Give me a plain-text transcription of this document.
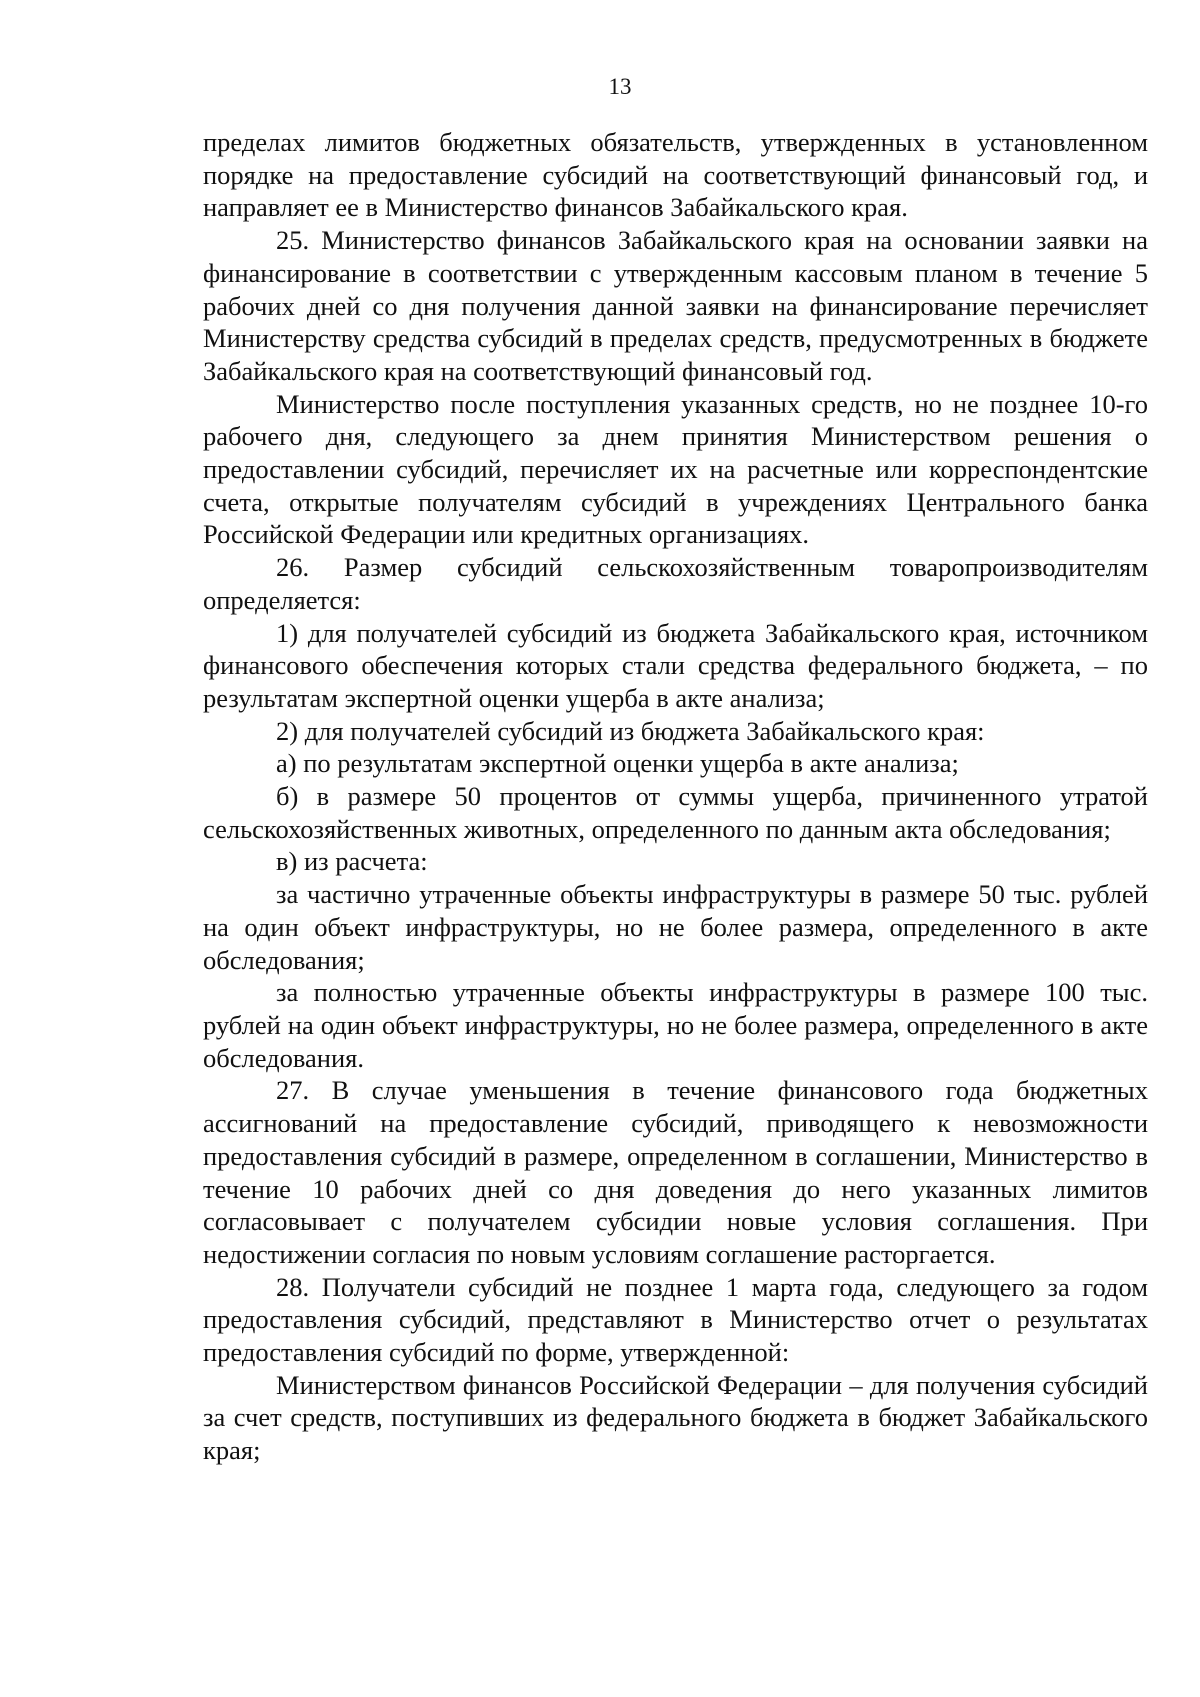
13

пределах лимитов бюджетных обязательств, утвержденных в установленном порядке на предоставление субсидий на соответствующий финансовый год, и направляет ее в Министерство финансов Забайкальского края.

25. Министерство финансов Забайкальского края на основании заявки на финансирование в соответствии с утвержденным кассовым планом в течение 5 рабочих дней со дня получения данной заявки на финансирование перечисляет Министерству средства субсидий в пределах средств, предусмотренных в бюджете Забайкальского края на соответствующий финансовый год.

Министерство после поступления указанных средств, но не позднее 10-го рабочего дня, следующего за днем принятия Министерством решения о предоставлении субсидий, перечисляет их на расчетные или корреспондентские счета, открытые получателям субсидий в учреждениях Центрального банка Российской Федерации или кредитных организациях.

26. Размер субсидий сельскохозяйственным товаропроизводителям определяется:

1) для получателей субсидий из бюджета Забайкальского края, источником финансового обеспечения которых стали средства федерального бюджета, – по результатам экспертной оценки ущерба в акте анализа;

2) для получателей субсидий из бюджета Забайкальского края:

а) по результатам экспертной оценки ущерба в акте анализа;

б) в размере 50 процентов от суммы ущерба, причиненного утратой сельскохозяйственных животных, определенного по данным акта обследования;

в) из расчета:

за частично утраченные объекты инфраструктуры в размере 50 тыс. рублей на один объект инфраструктуры, но не более размера, определенного в акте обследования;

за полностью утраченные объекты инфраструктуры в размере 100 тыс. рублей на один объект инфраструктуры, но не более размера, определенного в акте обследования.

27. В случае уменьшения в течение финансового года бюджетных ассигнований на предоставление субсидий, приводящего к невозможности предоставления субсидий в размере, определенном в соглашении, Министерство в течение 10 рабочих дней со дня доведения до него указанных лимитов согласовывает с получателем субсидии новые условия соглашения. При недостижении согласия по новым условиям соглашение расторгается.

28. Получатели субсидий не позднее 1 марта года, следующего за годом предоставления субсидий, представляют в Министерство отчет о результатах предоставления субсидий по форме, утвержденной:

Министерством финансов Российской Федерации – для получения субсидий за счет средств, поступивших из федерального бюджета в бюджет Забайкальского края;
